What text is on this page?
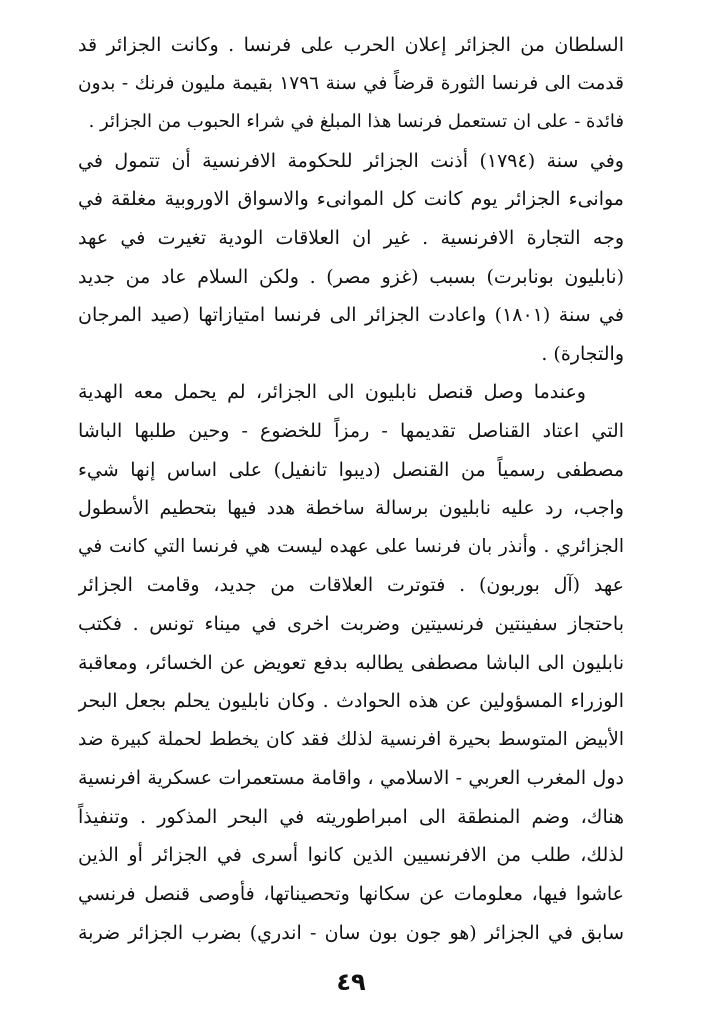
السلطان من الجزائر إعلان الحرب على فرنسا . وكانت الجزائر قد
قدمت الى فرنسا الثورة قرضاً في سنة ١٧٩٦ بقيمة مليون فرنك - بدون
فائدة - على ان تستعمل فرنسا هذا المبلغ في شراء الحبوب من الجزائر .
وفي سنة (١٧٩٤) أذنت الجزائر للحكومة الافرنسية أن تتمول في
موانىء الجزائر يوم كانت كل الموانىء والاسواق الاوروبية مغلقة في
وجه التجارة الافرنسية . غير ان العلاقات الودية تغيرت في عهد
(نابليون بونابرت) بسبب (غزو مصر) . ولكن السلام عاد من جديد
في سنة (١٨٠١) واعادت الجزائر الى فرنسا امتيازاتها (صيد المرجان
والتجارة) .
وعندما وصل قنصل نابليون الى الجزائر، لم يحمل معه الهدية
التي اعتاد القناصل تقديمها - رمزاً للخضوع - وحين طلبها الباشا
مصطفى رسمياً من القنصل (ديبوا تانفيل) على اساس إنها شيء
واجب، رد عليه نابليون برسالة ساخطة هدد فيها بتحطيم الأسطول
الجزائري . وأنذر بان فرنسا على عهده ليست هي فرنسا التي كانت في
عهد (آل بوربون) . فتوترت العلاقات من جديد، وقامت الجزائر
باحتجاز سفينتين فرنسيتين وضربت اخرى في ميناء تونس . فكتب
نابليون الى الباشا مصطفى يطالبه بدفع تعويض عن الخسائر، ومعاقبة
الوزراء المسؤولين عن هذه الحوادث . وكان نابليون يحلم بجعل البحر
الأبيض المتوسط بحيرة افرنسية لذلك فقد كان يخطط لحملة كبيرة ضد
دول المغرب العربي - الاسلامي ، واقامة مستعمرات عسكرية افرنسية
هناك، وضم المنطقة الى امبراطوريته في البحر المذكور . وتنفيذاً
لذلك، طلب من الافرنسيين الذين كانوا أسرى في الجزائر أو الذين
عاشوا فيها، معلومات عن سكانها وتحصيناتها، فأوصى قنصل فرنسي
سابق في الجزائر (هو جون بون سان - اندري) بضرب الجزائر ضربة
٤٩
